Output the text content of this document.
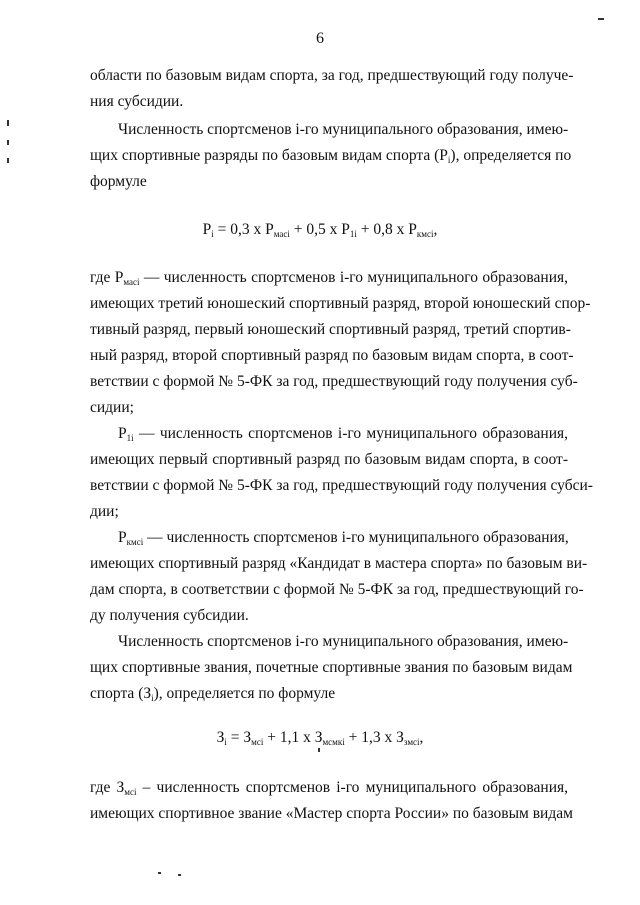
6
области по базовым видам спорта, за год, предшествующий году получе-
ния субсидии.
Численность спортсменов i-го муниципального образования, имею-
щих спортивные разряды по базовым видам спорта $(P_i)$, определяется по
формуле
$P_i = 0,3$ x $P_{масi} + 0,5$ x $P_{1i} + 0,8$ x $P_{кмсi}$,
где $P_{масi}$ — численность спортсменов i-го муниципального образования,
имеющих третий юношеский спортивный разряд, второй юношеский спор-
тивный разряд, первый юношеский спортивный разряд, третий спортив-
ный разряд, второй спортивный разряд по базовым видам спорта, в соот-
ветствии с формой № 5-ФК за год, предшествующий году получения суб-
сидии;
$P_{1i}$ — численность спортсменов i-го муниципального образования,
имеющих первый спортивный разряд по базовым видам спорта, в соот-
ветствии с формой № 5-ФК за год, предшествующий году получения субси-
дии;
$P_{кмсi}$ — численность спортсменов i-го муниципального образования,
имеющих спортивный разряд «Кандидат в мастера спорта» по базовым ви-
дам спорта, в соответствии с формой № 5-ФК за год, предшествующий го-
ду получения субсидии.
Численность спортсменов i-го муниципального образования, имею-
щих спортивные звания, почетные спортивные звания по базовым видам
спорта $(З_i)$, определяется по формуле
$З_i = З_{мсi} + 1,1$ x $З_{мсмкi} + 1,3$ x $З_{змсi}$,
где $З_{мсi}$ – численность спортсменов i-го муниципального образования,
имеющих спортивное звание «Мастер спорта России» по базовым видам
